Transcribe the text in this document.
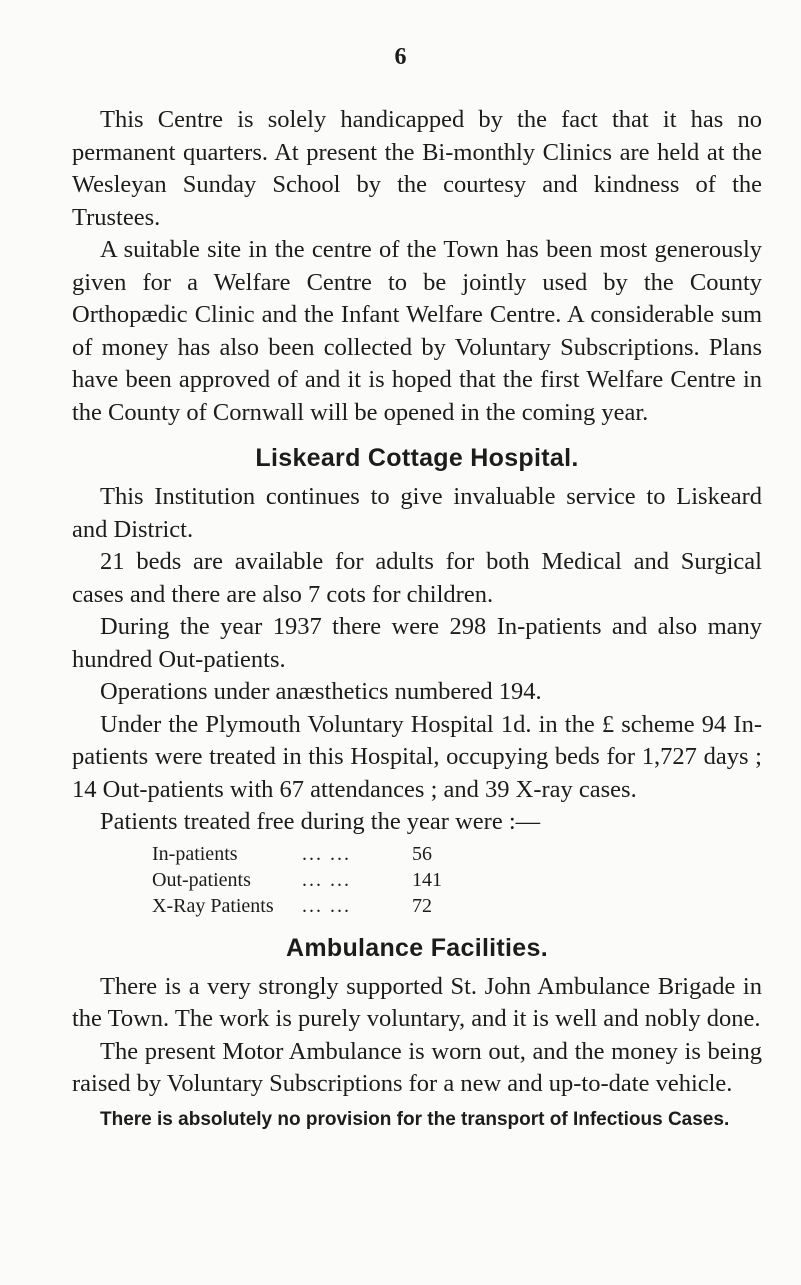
6

This Centre is solely handicapped by the fact that it has no permanent quarters. At present the Bi-monthly Clinics are held at the Wesleyan Sunday School by the courtesy and kindness of the Trustees.

A suitable site in the centre of the Town has been most generously given for a Welfare Centre to be jointly used by the County Orthopædic Clinic and the Infant Welfare Centre. A considerable sum of money has also been collected by Voluntary Subscriptions. Plans have been approved of and it is hoped that the first Welfare Centre in the County of Cornwall will be opened in the coming year.

Liskeard Cottage Hospital.

This Institution continues to give invaluable service to Liskeard and District.

21 beds are available for adults for both Medical and Surgical cases and there are also 7 cots for children.

During the year 1937 there were 298 In-patients and also many hundred Out-patients.

Operations under anæsthetics numbered 194.

Under the Plymouth Voluntary Hospital 1d. in the £ scheme 94 In-patients were treated in this Hospital, occupying beds for 1,727 days ; 14 Out-patients with 67 attendances ; and 39 X-ray cases.

Patients treated free during the year were :—

In-patients	... ...	56
Out-patients	... ...	141
X-Ray Patients	... ...	72
Ambulance Facilities.

There is a very strongly supported St. John Ambulance Brigade in the Town. The work is purely voluntary, and it is well and nobly done.

The present Motor Ambulance is worn out, and the money is being raised by Voluntary Subscriptions for a new and up-to-date vehicle.

There is absolutely no provision for the transport of Infectious Cases.
